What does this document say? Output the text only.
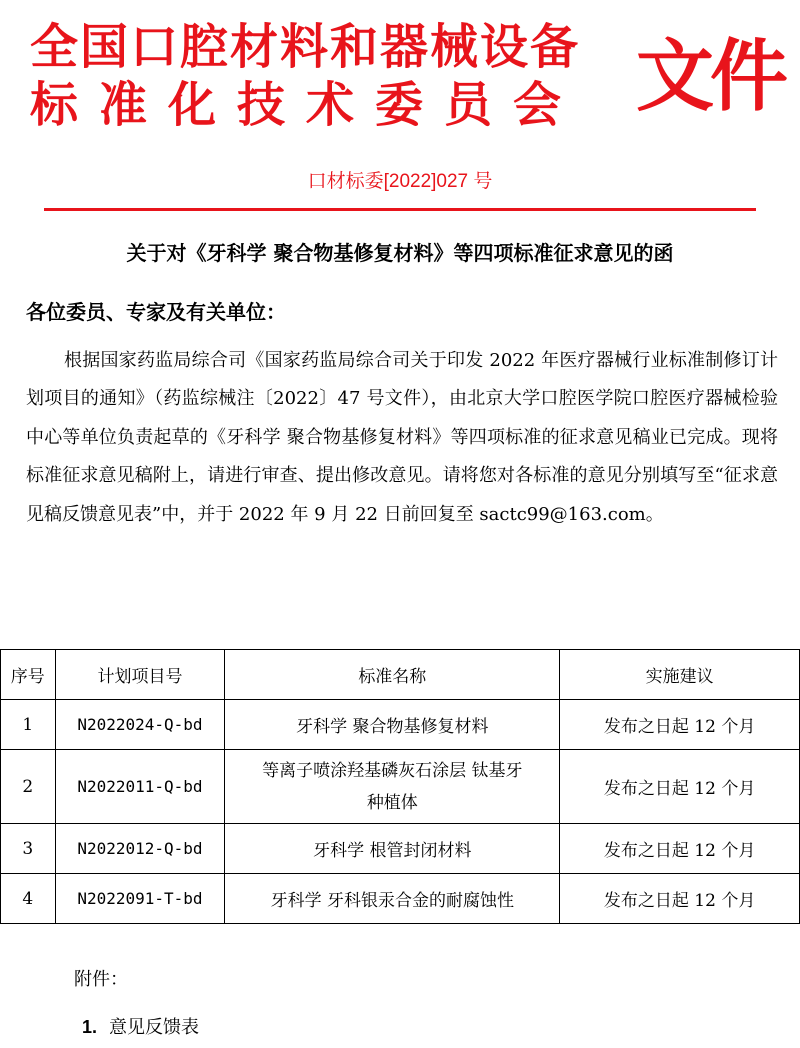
全国口腔材料和器械设备
标准化技术委员会 文件
口材标委[2022]027 号
关于对《牙科学 聚合物基修复材料》等四项标准征求意见的函
各位委员、专家及有关单位：
根据国家药监局综合司《国家药监局综合司关于印发 2022 年医疗器械行业标准制修订计划项目的通知》（药监综械注〔2022〕47 号文件），由北京大学口腔医学院口腔医疗器械检验中心等单位负责起草的《牙科学 聚合物基修复材料》等四项标准的征求意见稿业已完成。现将标准征求意见稿附上，请进行审查、提出修改意见。请将您对各标准的意见分别填写至“征求意见稿反馈意见表”中，并于 2022 年 9 月 22 日前回复至 sactc99@163.com。
序号	计划项目号	标准名称	实施建议
1	N2022024-Q-bd	牙科学 聚合物基修复材料	发布之日起 12 个月
2	N2022011-Q-bd	等离子喷涂羟基磷灰石涂层 钛基牙种植体	发布之日起 12 个月
3	N2022012-Q-bd	牙科学 根管封闭材料	发布之日起 12 个月
4	N2022091-T-bd	牙科学 牙科银汞合金的耐腐蚀性	发布之日起 12 个月
附件：
1. 意见反馈表
